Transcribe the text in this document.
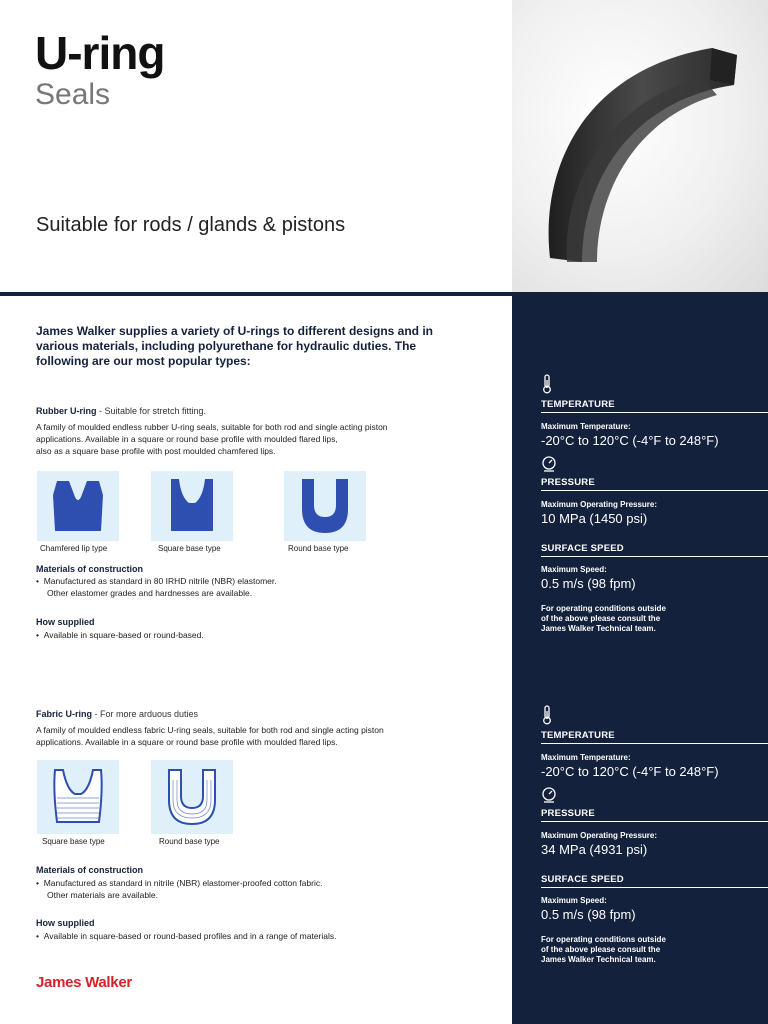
U-ring
Seals
Suitable for rods / glands & pistons
James Walker supplies a variety of U-rings to different designs and in various materials, including polyurethane for hydraulic duties. The following are our most popular types:
Rubber U-ring - Suitable for stretch fitting.
A family of moulded endless rubber U-ring seals, suitable for both rod and single acting piston
applications. Available in a square or round base profile with moulded flared lips,
also as a square base profile with post moulded chamfered lips.
Chamfered lip type	Square base type	Round base type
Materials of construction
•  Manufactured as standard in 80 IRHD nitrile (NBR) elastomer.
Other elastomer grades and hardnesses are available.
How supplied
•  Available in square-based or round-based.
Fabric U-ring - For more arduous duties
A family of moulded endless fabric U-ring seals, suitable for both rod and single acting piston
applications. Available in a square or round base profile with moulded flared lips.
Square base type	Round base type
Materials of construction
•  Manufactured as standard in nitrile (NBR) elastomer-proofed cotton fabric.
Other materials are available.
How supplied
•  Available in square-based or round-based profiles and in a range of materials.
James Walker
TEMPERATURE
Maximum Temperature:
-20°C to 120°C (-4°F to 248°F)
PRESSURE
Maximum Operating Pressure:
10 MPa (1450 psi)
SURFACE SPEED
Maximum Speed:
0.5 m/s (98 fpm)
For operating conditions outside
of the above please consult the
James Walker Technical team.
TEMPERATURE
Maximum Temperature:
-20°C to 120°C (-4°F to 248°F)
PRESSURE
Maximum Operating Pressure:
34 MPa (4931 psi)
SURFACE SPEED
Maximum Speed:
0.5 m/s (98 fpm)
For operating conditions outside
of the above please consult the
James Walker Technical team.
